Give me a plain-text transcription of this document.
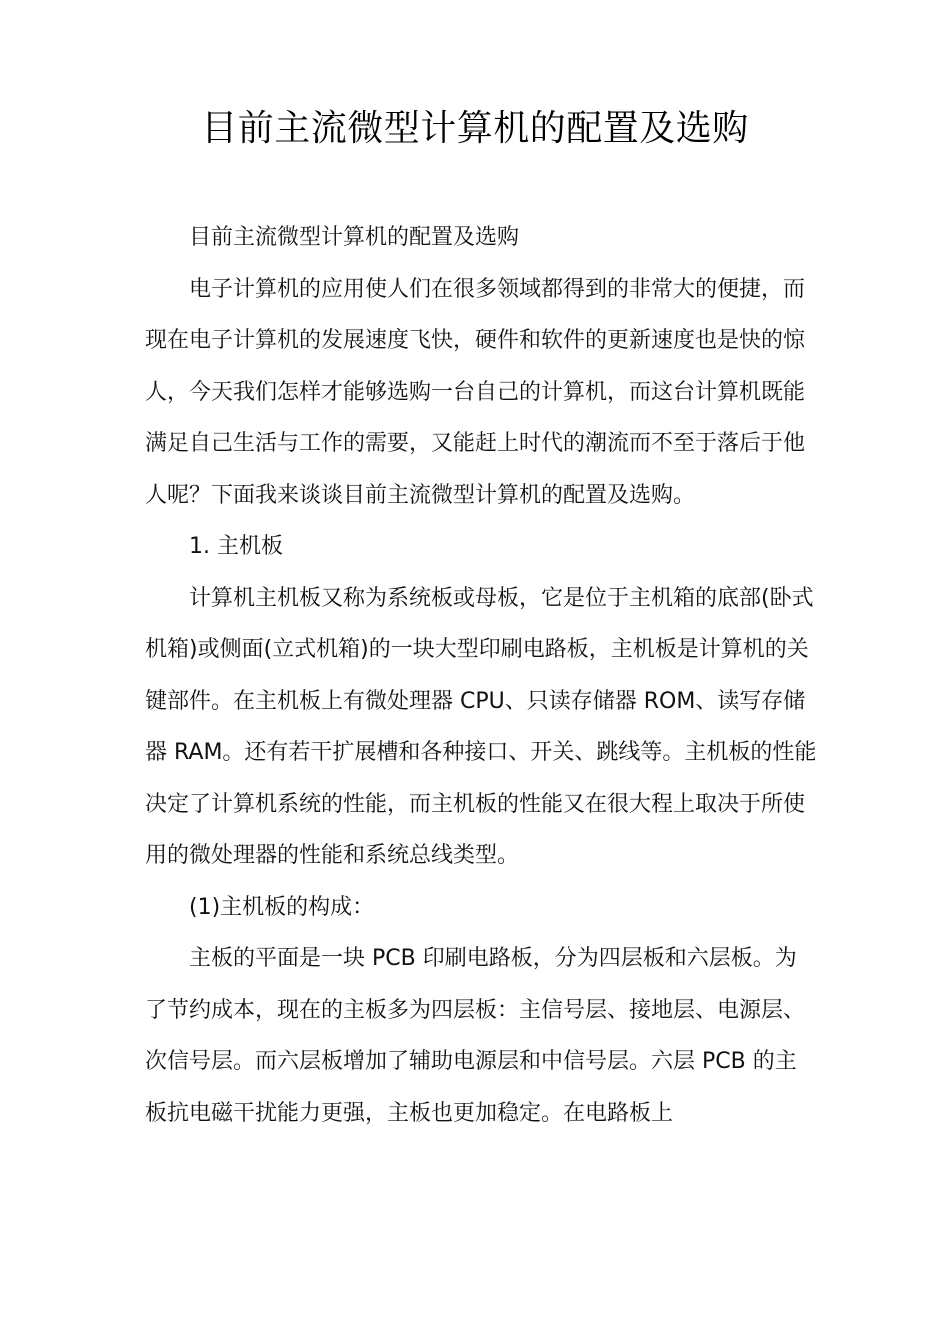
目前主流微型计算机的配置及选购

目前主流微型计算机的配置及选购

电子计算机的应用使人们在很多领域都得到的非常大的便捷，而现在电子计算机的发展速度飞快，硬件和软件的更新速度也是快的惊人，今天我们怎样才能够选购一台自己的计算机，而这台计算机既能满足自己生活与工作的需要，又能赶上时代的潮流而不至于落后于他人呢？下面我来谈谈目前主流微型计算机的配置及选购。

1. 主机板

计算机主机板又称为系统板或母板，它是位于主机箱的底部(卧式机箱)或侧面(立式机箱)的一块大型印刷电路板，主机板是计算机的关键部件。在主机板上有微处理器 CPU、只读存储器 ROM、读写存储器 RAM。还有若干扩展槽和各种接口、开关、跳线等。主机板的性能决定了计算机系统的性能，而主机板的性能又在很大程上取决于所使用的微处理器的性能和系统总线类型。

(1)主机板的构成：

主板的平面是一块 PCB 印刷电路板，分为四层板和六层板。为了节约成本，现在的主板多为四层板：主信号层、接地层、电源层、次信号层。而六层板增加了辅助电源层和中信号层。六层 PCB 的主板抗电磁干扰能力更强，主板也更加稳定。在电路板上
